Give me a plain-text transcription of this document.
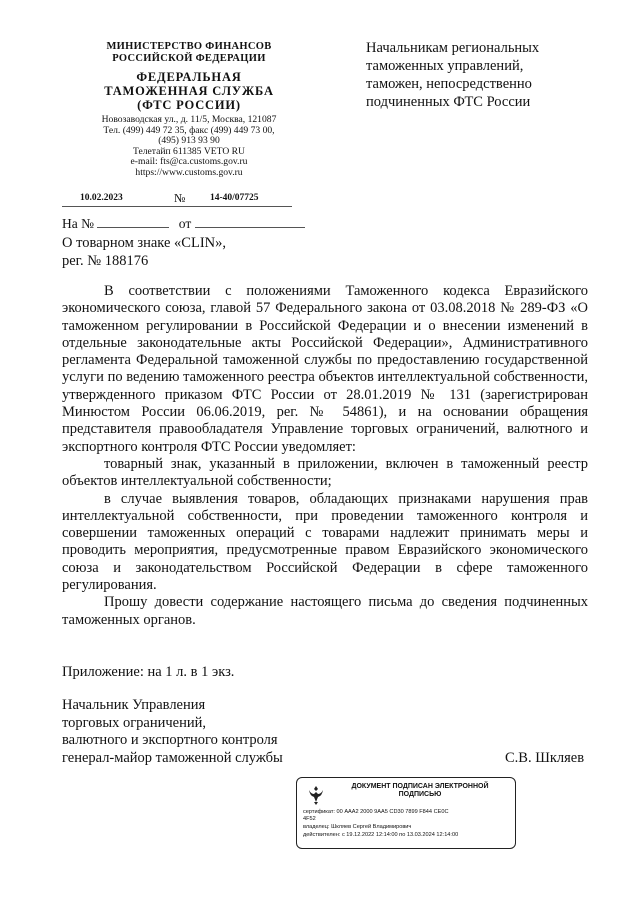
МИНИСТЕРСТВО ФИНАНСОВ
РОССИЙСКОЙ ФЕДЕРАЦИИ
ФЕДЕРАЛЬНАЯ
ТАМОЖЕННАЯ СЛУЖБА
(ФТС РОССИИ)
Новозаводская ул., д. 11/5, Москва, 121087
Тел. (499) 449 72 35, факс (499) 449 73 00,
(495) 913 93 90
Телетайп 611385 VETO RU
e-mail: fts@ca.customs.gov.ru
https://www.customs.gov.ru
10.02.2023	№	14-40/07725
На №	от
О товарном знаке «CLIN»,
рег. № 188176
Начальникам региональных
таможенных управлений,
таможен, непосредственно
подчиненных ФТС России

В соответствии с положениями Таможенного кодекса Евразийского экономического союза, главой 57 Федерального закона от 03.08.2018 № 289-ФЗ «О таможенном регулировании в Российской Федерации и о внесении изменений в отдельные законодательные акты Российской Федерации», Административного регламента Федеральной таможенной службы по предоставлению государственной услуги по ведению таможенного реестра объектов интеллектуальной собственности, утвержденного приказом ФТС России от 28.01.2019 № 131 (зарегистрирован Минюстом России 06.06.2019, рег. № 54861), и на основании обращения представителя правообладателя Управление торговых ограничений, валютного и экспортного контроля ФТС России уведомляет:

товарный знак, указанный в приложении, включен в таможенный реестр объектов интеллектуальной собственности;

в случае выявления товаров, обладающих признаками нарушения прав интеллектуальной собственности, при проведении таможенного контроля и совершении таможенных операций с товарами надлежит принимать меры и проводить мероприятия, предусмотренные правом Евразийского экономического союза и законодательством Российской Федерации в сфере таможенного регулирования.

Прошу довести содержание настоящего письма до сведения подчиненных таможенных органов.

Приложение: на 1 л. в 1 экз.
Начальник Управления
торговых ограничений,
валютного и экспортного контроля
генерал-майор таможенной службы	С.В. Шкляев
ДОКУМЕНТ ПОДПИСАН ЭЛЕКТРОННОЙ
ПОДПИСЬЮ
сертификат: 00 AAA2 2000 9AA5 CD30 7899 F844 CE0C
4F52
владелец: Шкляев Сергей Владимирович
действителен: с 19.12.2022 12:14:00 по 13.03.2024 12:14:00
